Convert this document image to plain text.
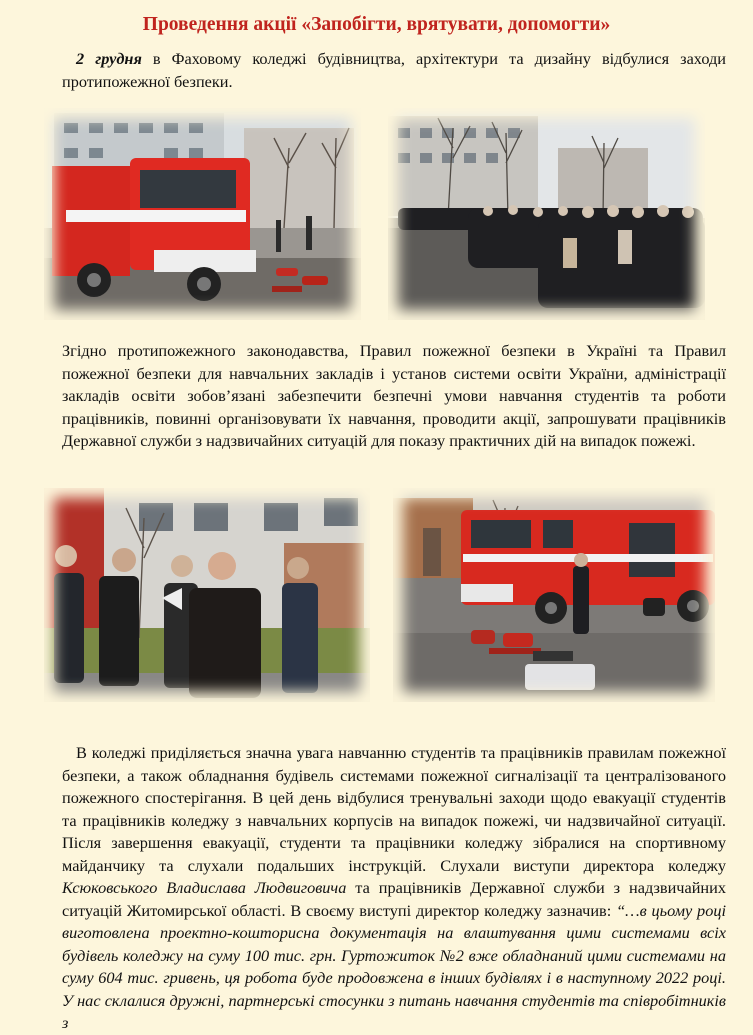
Проведення акції «Запобігти, врятувати, допомогти»

2 грудня в Фаховому коледжі будівництва, архітектури та дизайну відбулися заходи протипожежної безпеки.

Згідно протипожежного законодавства, Правил пожежної безпеки в Україні та Правил пожежної безпеки для навчальних закладів і установ системи освіти України, адміністрації закладів освіти зобов’язані забезпечити безпечні умови навчання студентів та роботи працівників, повинні організовувати їх навчання, проводити акції, запрошувати працівників Державної служби з надзвичайних ситуацій для показу практичних дій на випадок пожежі.

В коледжі приділяється значна увага навчанню студентів та працівників правилам пожежної безпеки, а також обладнання будівель системами пожежної сигналізації та централізованого пожежного спостерігання. В цей день відбулися тренувальні заходи щодо евакуації студентів та працівників коледжу з навчальних корпусів на випадок пожежі, чи надзвичайної ситуації. Після завершення евакуації, студенти та працівники коледжу зібралися на спортивному майданчику та слухали подальших інструкцій. Слухали виступи директора коледжу Ксюковського Владислава Людвиговича та працівників Державної служби з надзвичайних ситуацій Житомирської області. В своєму виступі директор коледжу зазначив: “…в цьому році виготовлена проектно-кошторисна документація на влаштування цими системами всіх будівель коледжу на суму 100 тис. грн. Гуртожиток №2 вже обладнаний цими системами на суму 604 тис. гривень, ця робота буде продовжена в інших будівлях і в наступному 2022 році. У нас склалися дружні, партнерські стосунки з питань навчання студентів та співробітників з
